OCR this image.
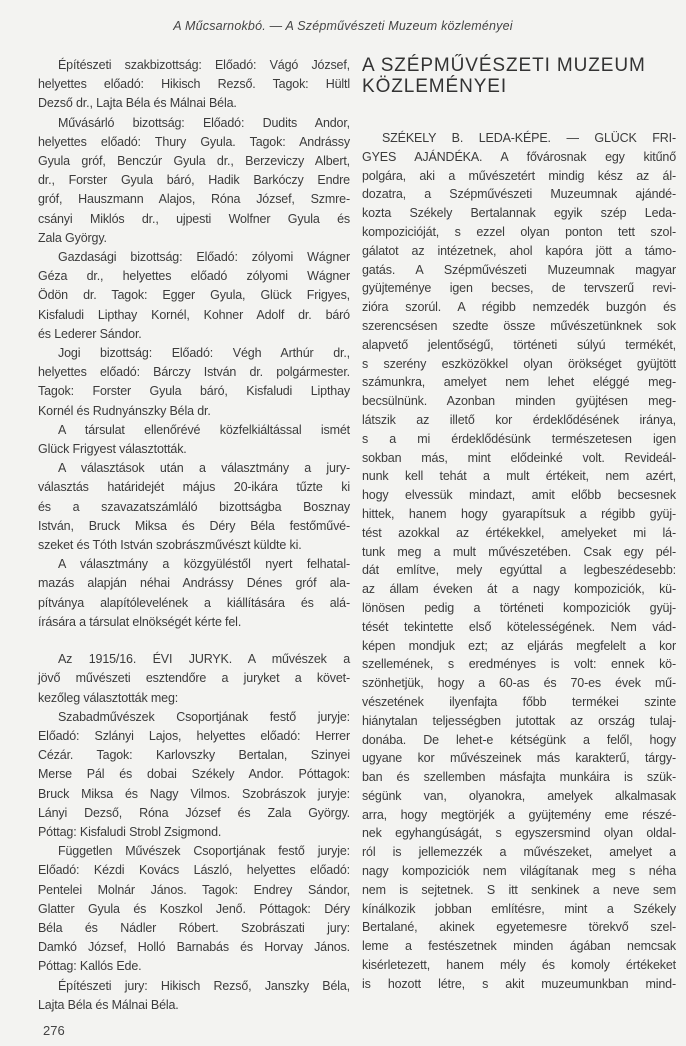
A Műcsarnokbó. — A Szépművészeti Muzeum közleményei
Építészeti szakbizottság: Előadó: Vágó József,
helyettes előadó: Hikisch Rezső. Tagok: Hültl
Dezső dr., Lajta Béla és Málnai Béla.
Művásárló bizottság: Előadó: Dudits Andor,
helyettes előadó: Thury Gyula. Tagok: Andrássy
Gyula gróf, Benczúr Gyula dr., Berzeviczy Albert,
dr., Forster Gyula báró, Hadik Barkóczy Endre
gróf, Hauszmann Alajos, Róna József, Szmre-
csányi Miklós dr., ujpesti Wolfner Gyula és
Zala György.
Gazdasági bizottság: Előadó: zólyomi Wágner
Géza dr., helyettes előadó zólyomi Wágner
Ödön dr. Tagok: Egger Gyula, Glück Frigyes,
Kisfaludi Lipthay Kornél, Kohner Adolf dr. báró
és Lederer Sándor.
Jogi bizottság: Előadó: Végh Arthúr dr.,
helyettes előadó: Bárczy István dr. polgármester.
Tagok: Forster Gyula báró, Kisfaludi Lipthay
Kornél és Rudnyánszky Béla dr.
A társulat ellenőrévé közfelkiáltással ismét
Glück Frigyest választották.
A választások után a választmány a jury-
választás határidejét május 20-ikára tűzte ki
és a szavazatszámláló bizottságba Bosznay
István, Bruck Miksa és Déry Béla festőművé-
szeket és Tóth István szobrászművészt küldte ki.
A választmány a közgyüléstől nyert felhatal-
mazás alapján néhai Andrássy Dénes gróf ala-
pítványa alapítólevelének a kiállítására és alá-
írására a társulat elnökségét kérte fel.
Az 1915/16. ÉVI JURYK. A művészek a
jövő művészeti esztendőre a juryket a követ-
kezőleg választották meg:
Szabadművészek Csoportjának festő juryje:
Előadó: Szlányi Lajos, helyettes előadó: Herrer
Cézár. Tagok: Karlovszky Bertalan, Szinyei
Merse Pál és dobai Székely Andor. Póttagok:
Bruck Miksa és Nagy Vilmos. Szobrászok juryje:
Lányi Dezső, Róna József és Zala György.
Póttag: Kisfaludi Strobl Zsigmond.
Független Művészek Csoportjának festő juryje:
Előadó: Kézdi Kovács László, helyettes előadó:
Pentelei Molnár János. Tagok: Endrey Sándor,
Glatter Gyula és Koszkol Jenő. Póttagok: Déry
Béla és Nádler Róbert. Szobrászati jury:
Damkó József, Holló Barnabás és Horvay János.
Póttag: Kallós Ede.
Építészeti jury: Hikisch Rezső, Janszky Béla,
Lajta Béla és Málnai Béla.
A SZÉPMŰVÉSZETI MUZEUM
KÖZLEMÉNYEI
SZÉKELY B. LEDA-KÉPE. — GLÜCK FRI-
GYES AJÁNDÉKA. A fővárosnak egy kitűnő
polgára, aki a művészetért mindig kész az ál-
dozatra, a Szépművészeti Muzeumnak ajándé-
kozta Székely Bertalannak egyik szép Leda-
kompozicióját, s ezzel olyan ponton tett szol-
gálatot az intézetnek, ahol kapóra jött a támo-
gatás. A Szépművészeti Muzeumnak magyar
gyüjteménye igen becses, de tervszerű revi-
zióra szorúl. A régibb nemzedék buzgón és
szerencsésen szedte össze művészetünknek sok
alapvető jelentőségű, történeti súlyú termékét,
s szerény eszközökkel olyan örökséget gyüjtött
számunkra, amelyet nem lehet eléggé meg-
becsülnünk. Azonban minden gyüjtésen meg-
látszik az illető kor érdeklődésének iránya,
s a mi érdeklődésünk természetesen igen
sokban más, mint elődeinké volt. Revideál-
nunk kell tehát a mult értékeit, nem azért,
hogy elvessük mindazt, amit előbb becsesnek
hittek, hanem hogy gyarapítsuk a régibb gyüj-
tést azokkal az értékekkel, amelyeket mi lá-
tunk meg a mult művészetében. Csak egy pél-
dát említve, mely egyúttal a legbeszédesebb:
az állam éveken át a nagy kompoziciók, kü-
lönösen pedig a történeti kompoziciók gyüj-
tését tekintette első kötelességének. Nem vád-
képen mondjuk ezt; az eljárás megfelelt a kor
szellemének, s eredményes is volt: ennek kö-
szönhetjük, hogy a 60-as és 70-es évek mű-
vészetének ilyenfajta főbb termékei szinte
hiánytalan teljességben jutottak az ország tulaj-
donába. De lehet-e kétségünk a felől, hogy
ugyane kor művészeinek más karakterű, tárgy-
ban és szellemben másfajta munkáira is szük-
ségünk van, olyanokra, amelyek alkalmasak
arra, hogy megtörjék a gyüjtemény eme részé-
nek egyhangúságát, s egyszersmind olyan oldal-
ról is jellemezzék a művészeket, amelyet a
nagy kompoziciók nem világítanak meg s néha
nem is sejtetnek. S itt senkinek a neve sem
kínálkozik jobban említésre, mint a Székely
Bertalané, akinek egyetemesre törekvő szel-
leme a festészetnek minden ágában nemcsak
kisérletezett, hanem mély és komoly értékeket
is hozott létre, s akit muzeumunkban mind-
276
